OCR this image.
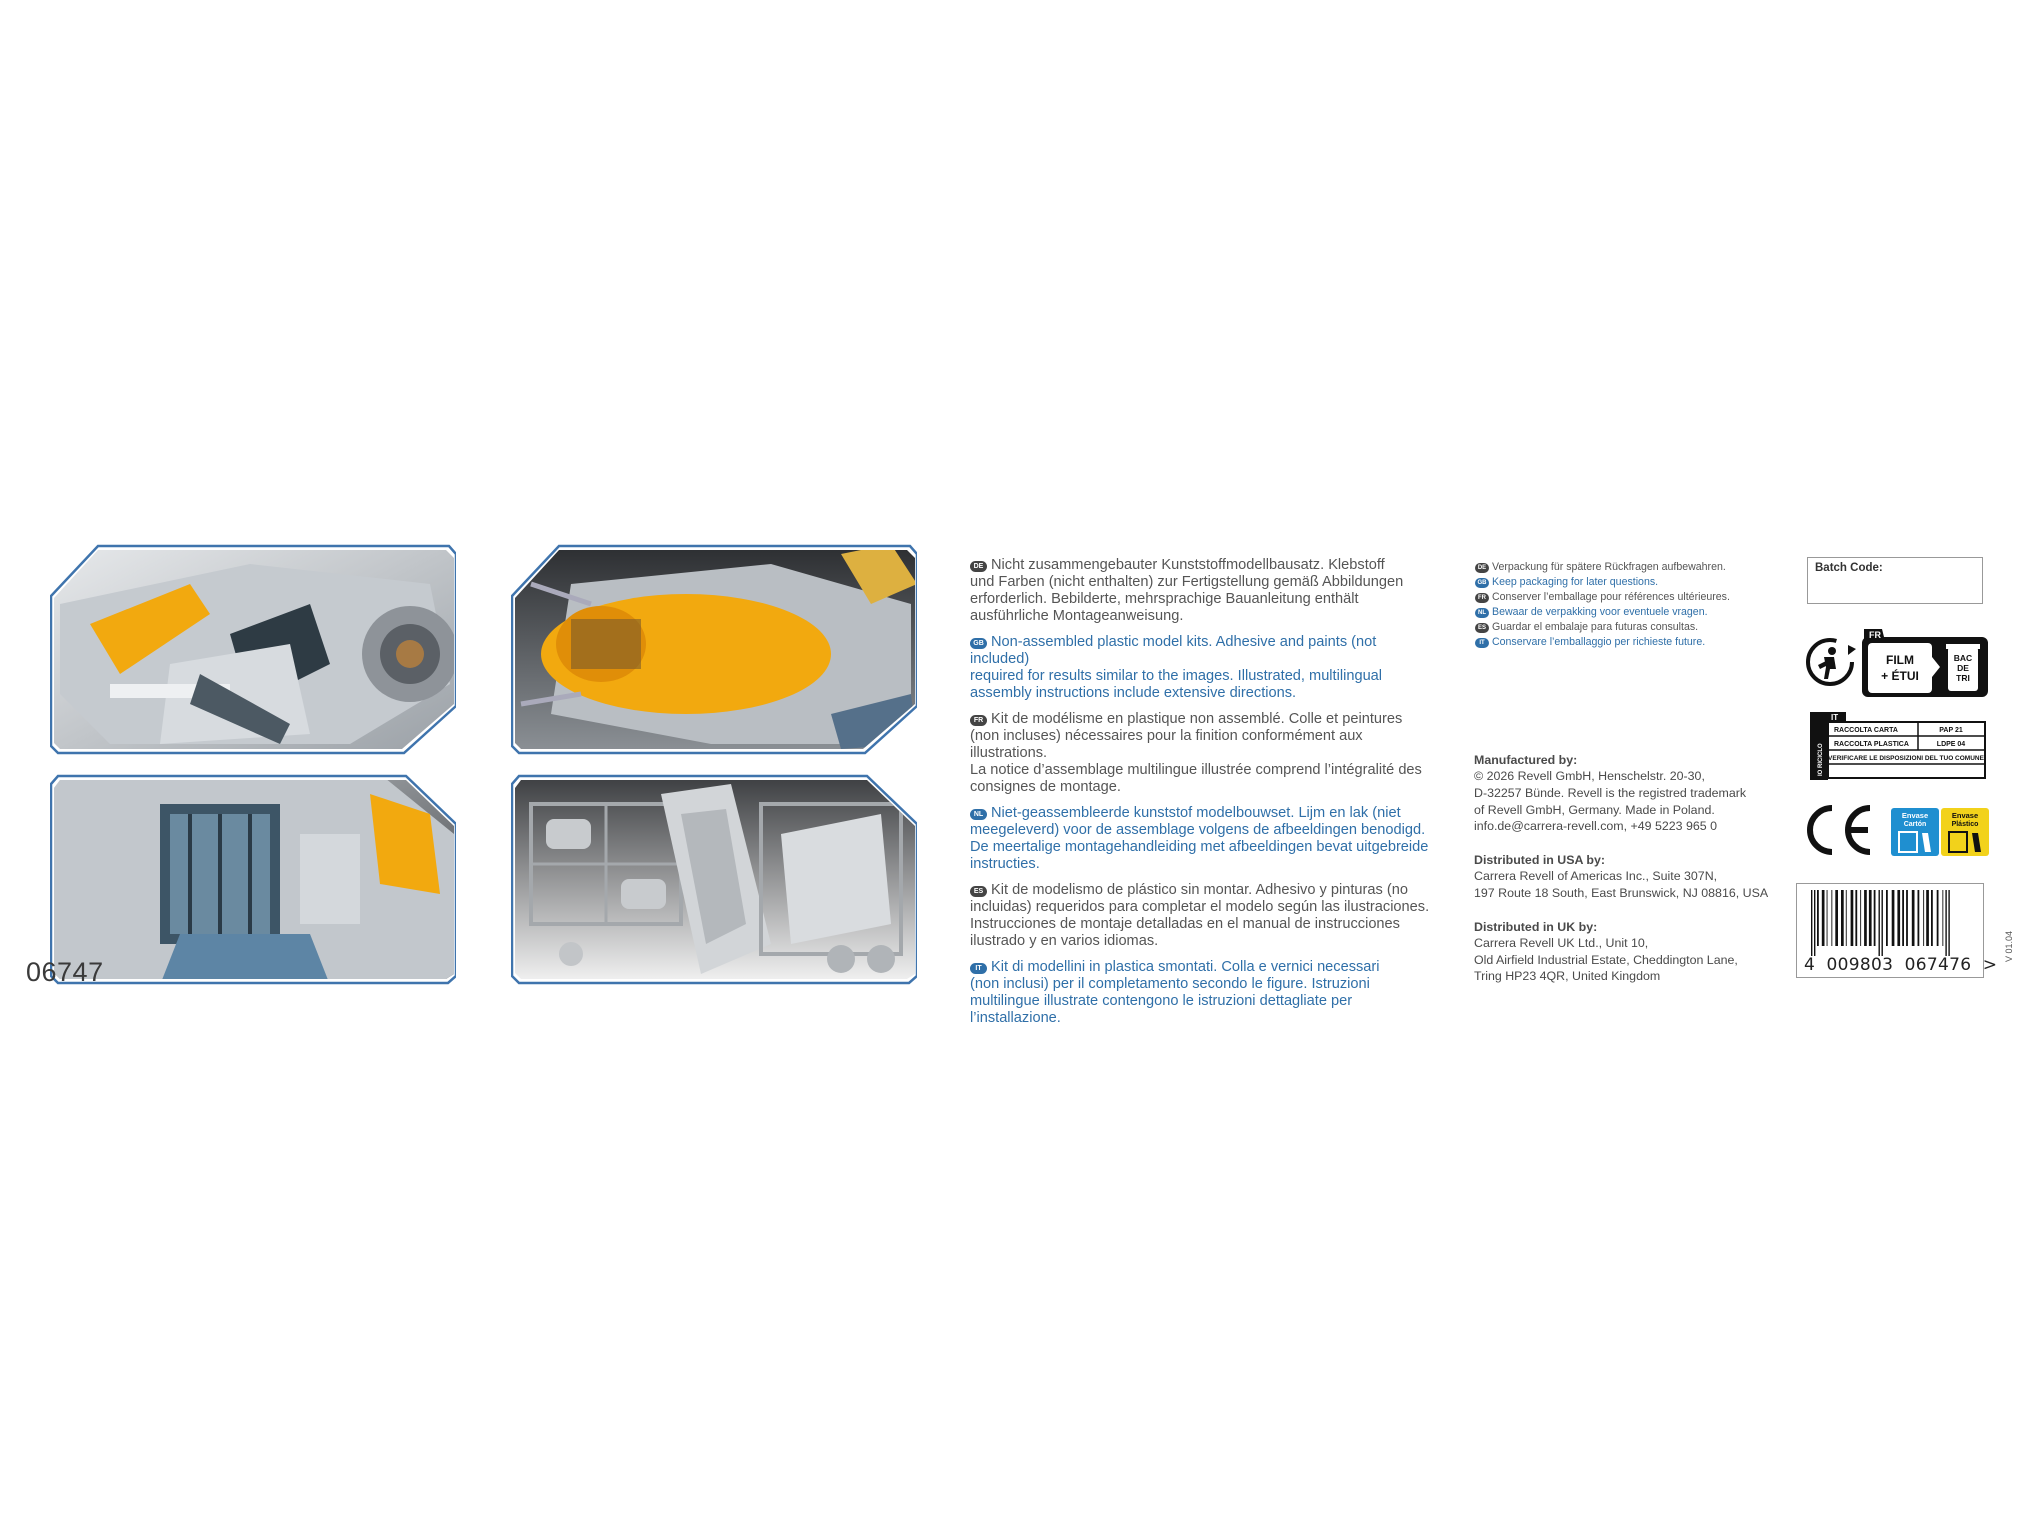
06747
DE Nicht zusammengebauter Kunststoffmodellbausatz. Klebstoff
und Farben (nicht enthalten) zur Fertigstellung gemäß Abbildungen
erforderlich. Bebilderte, mehrsprachige Bauanleitung enthält
ausführliche Montageanweisung.
GB Non-assembled plastic model kits. Adhesive and paints (not included)
required for results similar to the images. Illustrated, multilingual
assembly instructions include extensive directions.
FR Kit de modélisme en plastique non assemblé. Colle et peintures
(non incluses) nécessaires pour la finition conformément aux illustrations.
La notice d’assemblage multilingue illustrée comprend l’intégralité des
consignes de montage.
NL Niet-geassembleerde kunststof modelbouwset. Lijm en lak (niet
meegeleverd) voor de assemblage volgens de afbeeldingen benodigd.
De meertalige montagehandleiding met afbeeldingen bevat uitgebreide
instructies.
ES Kit de modelismo de plástico sin montar. Adhesivo y pinturas (no
incluidas) requeridos para completar el modelo según las ilustraciones.
Instrucciones de montaje detalladas en el manual de instrucciones
ilustrado y en varios idiomas.
IT Kit di modellini in plastica smontati. Colla e vernici necessari
(non inclusi) per il completamento secondo le figure. Istruzioni
multilingue illustrate contengono le istruzioni dettagliate per
l’installazione.
DE Verpackung für spätere Rückfragen aufbewahren.
GB Keep packaging for later questions.
FR Conserver l’emballage pour références ultérieures.
NL Bewaar de verpakking voor eventuele vragen.
ES Guardar el embalaje para futuras consultas.
IT Conservare l’emballaggio per richieste future.
Manufactured by:
© 2026 Revell GmbH, Henschelstr. 20-30,
D-32257 Bünde. Revell is the registred trademark
of Revell GmbH, Germany. Made in Poland.
info.de@carrera-revell.com, +49 5223 965 0
Distributed in USA by:
Carrera Revell of Americas Inc., Suite 307N,
197 Route 18 South, East Brunswick, NJ 08816, USA
Distributed in UK by:
Carrera Revell UK Ltd., Unit 10,
Old Airfield Industrial Estate, Cheddington Lane,
Tring HP23 4QR, United Kingdom
Batch Code:
FR
FILM
+ ÉTUI
BAC
DE
TRI
IO RICICLO
IT
RACCOLTA CARTA	PAP 21
RACCOLTA PLASTICA	LDPE 04
VERIFICARE LE DISPOSIZIONI DEL TUO COMUNE
Envase
Cartón
Envase
Plástico
4  009803  067476  >
V 01.04
